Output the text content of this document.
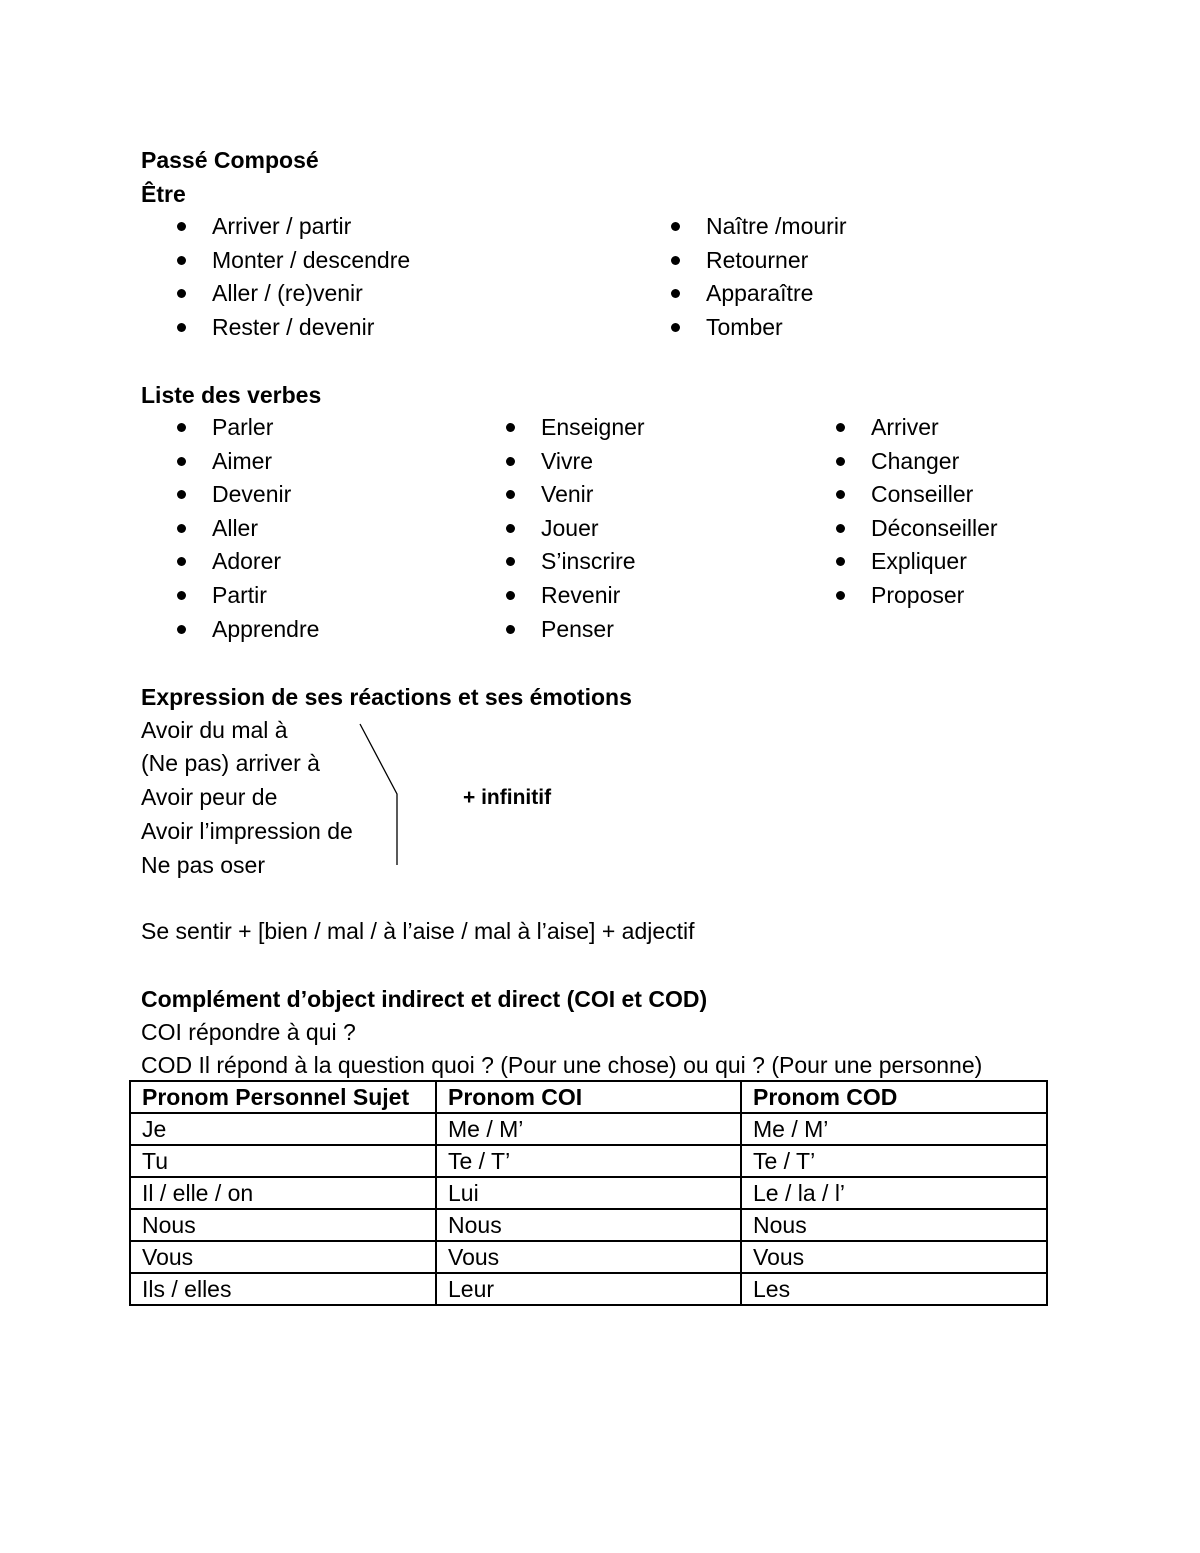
Passé Composé
Être
Arriver / partir
Monter / descendre
Aller / (re)venir
Rester / devenir
Naître /mourir
Retourner
Apparaître
Tomber
Liste des verbes
Parler
Aimer
Devenir
Aller
Adorer
Partir
Apprendre
Enseigner
Vivre
Venir
Jouer
S’inscrire
Revenir
Penser
Arriver
Changer
Conseiller
Déconseiller
Expliquer
Proposer
Expression de ses réactions et ses émotions
Avoir du mal à
(Ne pas) arriver à
Avoir peur de
Avoir l’impression de
Ne pas oser
+ infinitif
Se sentir + [bien / mal / à l’aise / mal à l’aise] + adjectif
Complément d’object indirect et direct (COI et COD)
COI répondre à qui ?
COD Il répond à la question quoi ? (Pour une chose) ou qui ? (Pour une personne)
Pronom Personnel Sujet	Pronom COI	Pronom COD
Je	Me / M’	Me / M’
Tu	Te / T’	Te / T’
Il / elle / on	Lui	Le / la / l’
Nous	Nous	Nous
Vous	Vous	Vous
Ils / elles	Leur	Les
